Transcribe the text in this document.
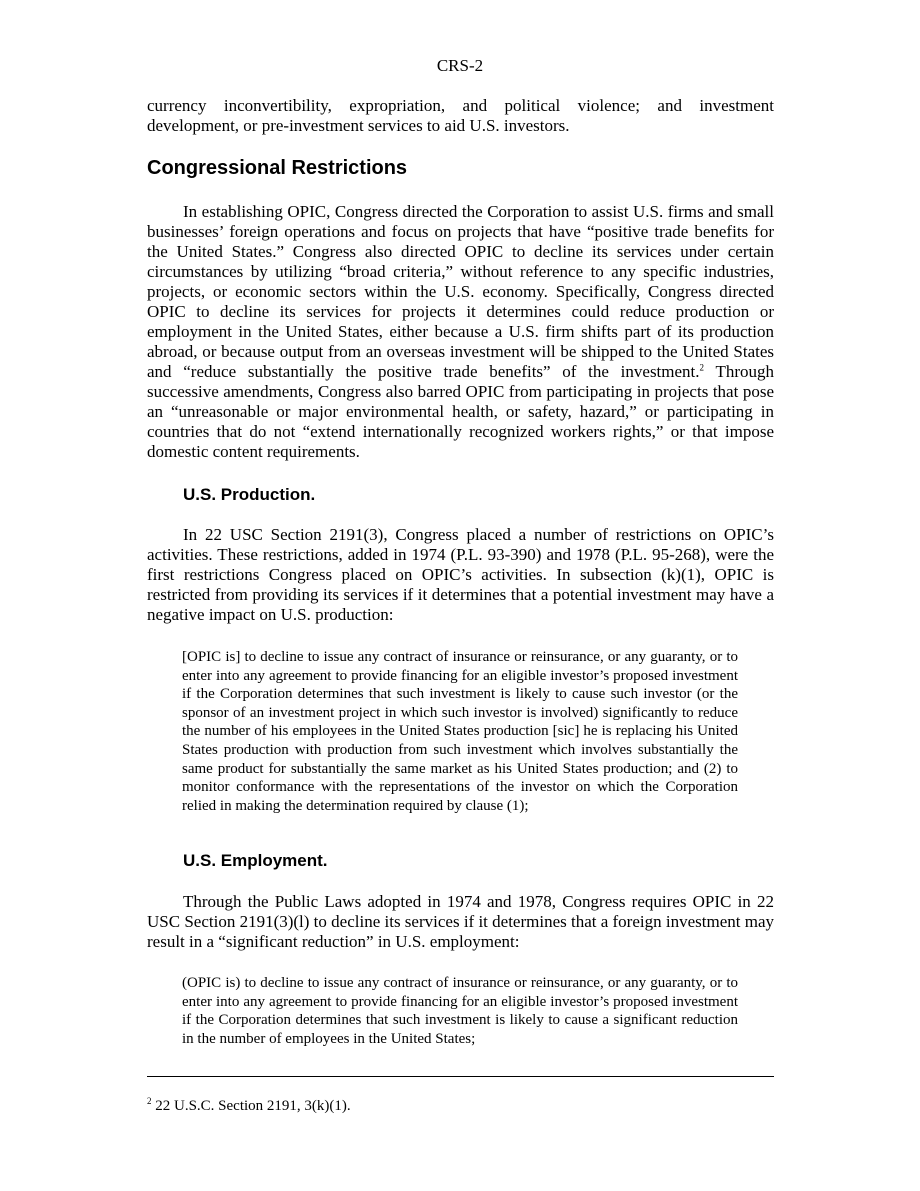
CRS-2
currency inconvertibility, expropriation, and political violence; and investment development, or pre-investment services to aid U.S. investors.
Congressional Restrictions
In establishing OPIC, Congress directed the Corporation to assist U.S. firms and small businesses’ foreign operations and focus on projects that have “positive trade benefits for the United States.” Congress also directed OPIC to decline its services under certain circumstances by utilizing “broad criteria,” without reference to any specific industries, projects, or economic sectors within the U.S. economy. Specifically, Congress directed OPIC to decline its services for projects it determines could reduce production or employment in the United States, either because a U.S. firm shifts part of its production abroad, or because output from an overseas investment will be shipped to the United States and “reduce substantially the positive trade benefits” of the investment.$^2$ Through successive amendments, Congress also barred OPIC from participating in projects that pose an “unreasonable or major environmental health, or safety, hazard,” or participating in countries that do not “extend internationally recognized workers rights,” or that impose domestic content requirements.
U.S. Production.
In 22 USC Section 2191(3), Congress placed a number of restrictions on OPIC’s activities. These restrictions, added in 1974 (P.L. 93-390) and 1978 (P.L. 95-268), were the first restrictions Congress placed on OPIC’s activities. In subsection (k)(1), OPIC is restricted from providing its services if it determines that a potential investment may have a negative impact on U.S. production:
[OPIC is] to decline to issue any contract of insurance or reinsurance, or any guaranty, or to enter into any agreement to provide financing for an eligible investor’s proposed investment if the Corporation determines that such investment is likely to cause such investor (or the sponsor of an investment project in which such investor is involved) significantly to reduce the number of his employees in the United States production [sic] he is replacing his United States production with production from such investment which involves substantially the same product for substantially the same market as his United States production; and (2) to monitor conformance with the representations of the investor on which the Corporation relied in making the determination required by clause (1);
U.S. Employment.
Through the Public Laws adopted in 1974 and 1978, Congress requires OPIC in 22 USC Section 2191(3)(l) to decline its services if it determines that a foreign investment may result in a “significant reduction” in U.S. employment:
(OPIC is) to decline to issue any contract of insurance or reinsurance, or any guaranty, or to enter into any agreement to provide financing for an eligible investor’s proposed investment if the Corporation determines that such investment is likely to cause a significant reduction in the number of employees in the United States;
$^2$ 22 U.S.C. Section 2191, 3(k)(1).
